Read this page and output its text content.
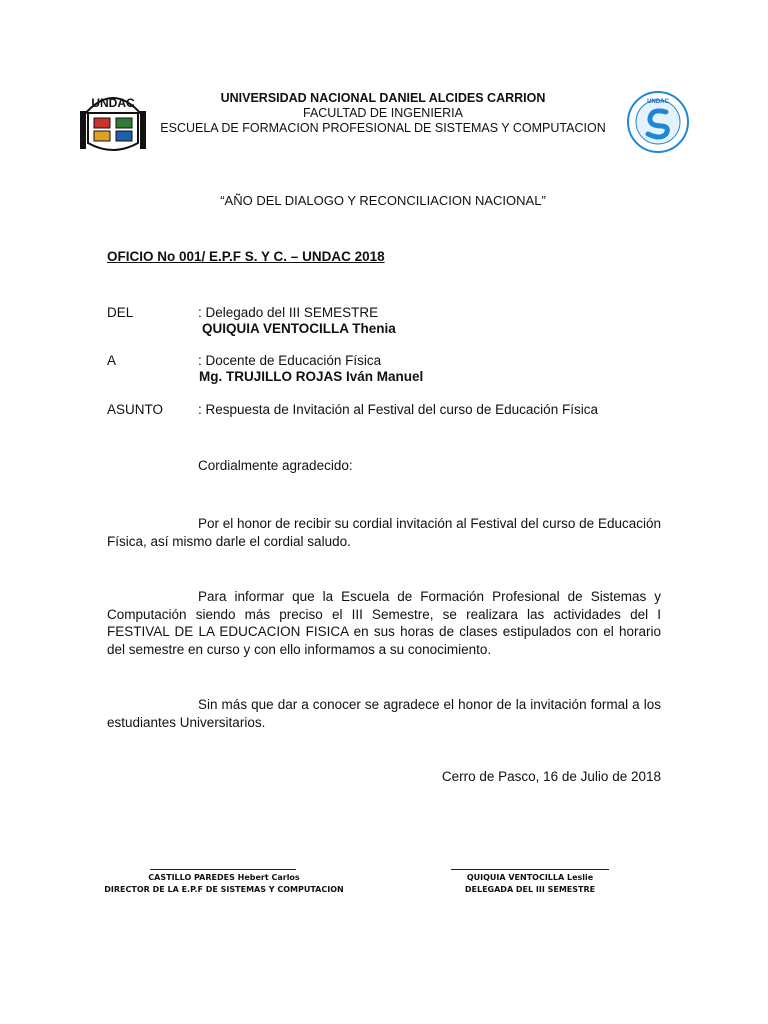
UNDAC	UNIVERSIDAD NACIONAL DANIEL ALCIDES CARRION
FACULTAD DE INGENIERIA
ESCUELA DE FORMACION PROFESIONAL DE SISTEMAS Y COMPUTACION
UNDAC
“AÑO DEL DIALOGO Y RECONCILIACION NACIONAL”
OFICIO No 001/ E.P.F S. Y C. – UNDAC 2018
DEL	: Delegado del III SEMESTRE
QUIQUIA VENTOCILLA Thenia
A	: Docente de Educación Física
Mg. TRUJILLO ROJAS Iván Manuel
ASUNTO	: Respuesta de Invitación al Festival del curso de Educación Física
Cordialmente agradecido:
Por el honor de recibir su cordial invitación al Festival del curso de Educación Física, así mismo darle el cordial saludo.
Para informar que la Escuela de Formación Profesional de Sistemas y Computación siendo más preciso el III Semestre, se realizara las actividades del I FESTIVAL DE LA EDUCACION FISICA en sus horas de clases estipulados con el horario del semestre en curso y con ello informamos a su conocimiento.
Sin más que dar a conocer se agradece el honor de la invitación formal a los estudiantes Universitarios.
Cerro de Pasco, 16 de Julio de 2018
CASTILLO PAREDES Hebert Carlos
DIRECTOR DE LA E.P.F DE SISTEMAS Y COMPUTACION
QUIQUIA VENTOCILLA Leslie
DELEGADA DEL III SEMESTRE
